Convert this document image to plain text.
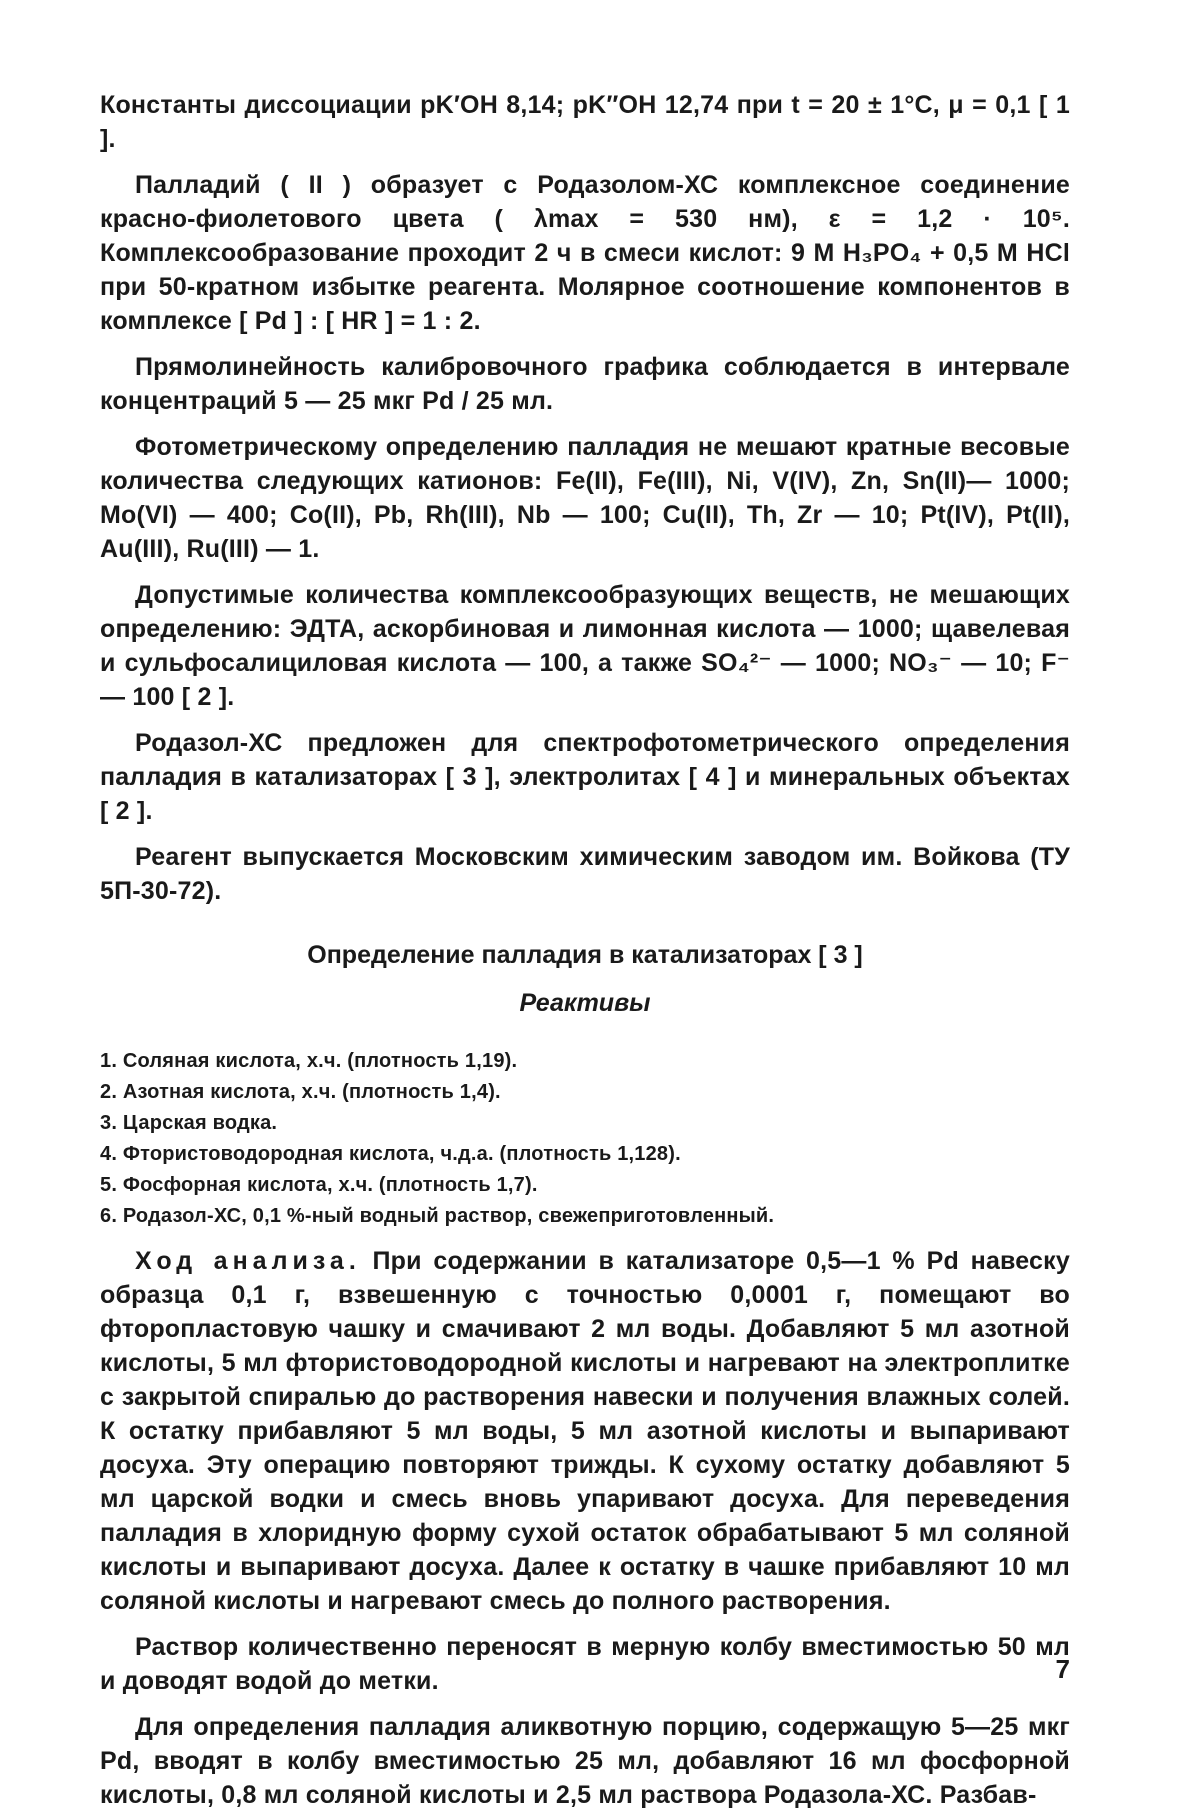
Константы диссоциации pK′ОН 8,14; pK″ОН 12,74 при t = 20 ± 1°C, μ = 0,1 [ 1 ].

Палладий ( II ) образует с Родазолом-ХС комплексное соединение красно-фиолетового цвета ( λmax = 530 нм), ε = 1,2 · 10⁵. Комплексообразование проходит 2 ч в смеси кислот: 9 M H₃PO₄ + 0,5 M HCl при 50-кратном избытке реагента. Молярное соотношение компонентов в комплексе [ Pd ] : [ HR ] = 1 : 2.

Прямолинейность калибровочного графика соблюдается в интервале концентраций 5 — 25 мкг Pd / 25 мл.

Фотометрическому определению палладия не мешают кратные весовые количества следующих катионов: Fe(II), Fe(III), Ni, V(IV), Zn, Sn(II)— 1000; Mo(VI) — 400; Co(II), Pb, Rh(III), Nb — 100; Cu(II), Th, Zr — 10; Pt(IV), Pt(II), Au(III), Ru(III) — 1.

Допустимые количества комплексообразующих веществ, не мешающих определению: ЭДТА, аскорбиновая и лимонная кислота — 1000; щавелевая и сульфосалициловая кислота — 100, а также SO₄²⁻ — 1000; NO₃⁻ — 10; F⁻ — 100 [ 2 ].

Родазол-ХС предложен для спектрофотометрического определения палладия в катализаторах [ 3 ], электролитах [ 4 ] и минеральных объектах [ 2 ].

Реагент выпускается Московским химическим заводом им. Войкова (ТУ 5П-30-72).

Определение палладия в катализаторах [ 3 ]
Реактивы
1. Соляная кислота, х.ч. (плотность 1,19).
2. Азотная кислота, х.ч. (плотность 1,4).
3. Царская водка.
4. Фтористоводородная кислота, ч.д.а. (плотность 1,128).
5. Фосфорная кислота, х.ч. (плотность 1,7).
6. Родазол-ХС, 0,1 %-ный водный раствор, свежеприготовленный.

Ход анализа. При содержании в катализаторе 0,5—1 % Pd навеску образца 0,1 г, взвешенную с точностью 0,0001 г, помещают во фторопластовую чашку и смачивают 2 мл воды. Добавляют 5 мл азотной кислоты, 5 мл фтористоводородной кислоты и нагревают на электроплитке с закрытой спиралью до растворения навески и получения влажных солей. К остатку прибавляют 5 мл воды, 5 мл азотной кислоты и выпаривают досуха. Эту операцию повторяют трижды. К сухому остатку добавляют 5 мл царской водки и смесь вновь упаривают досуха. Для переведения палладия в хлоридную форму сухой остаток обрабатывают 5 мл соляной кислоты и выпаривают досуха. Далее к остатку в чашке прибавляют 10 мл соляной кислоты и нагревают смесь до полного растворения.

Раствор количественно переносят в мерную колбу вместимостью 50 мл и доводят водой до метки.

Для определения палладия аликвотную порцию, содержащую 5—25 мкг Pd, вводят в колбу вместимостью 25 мл, добавляют 16 мл фосфорной кислоты, 0,8 мл соляной кислоты и 2,5 мл раствора Родазола-ХС. Разбав-

7
